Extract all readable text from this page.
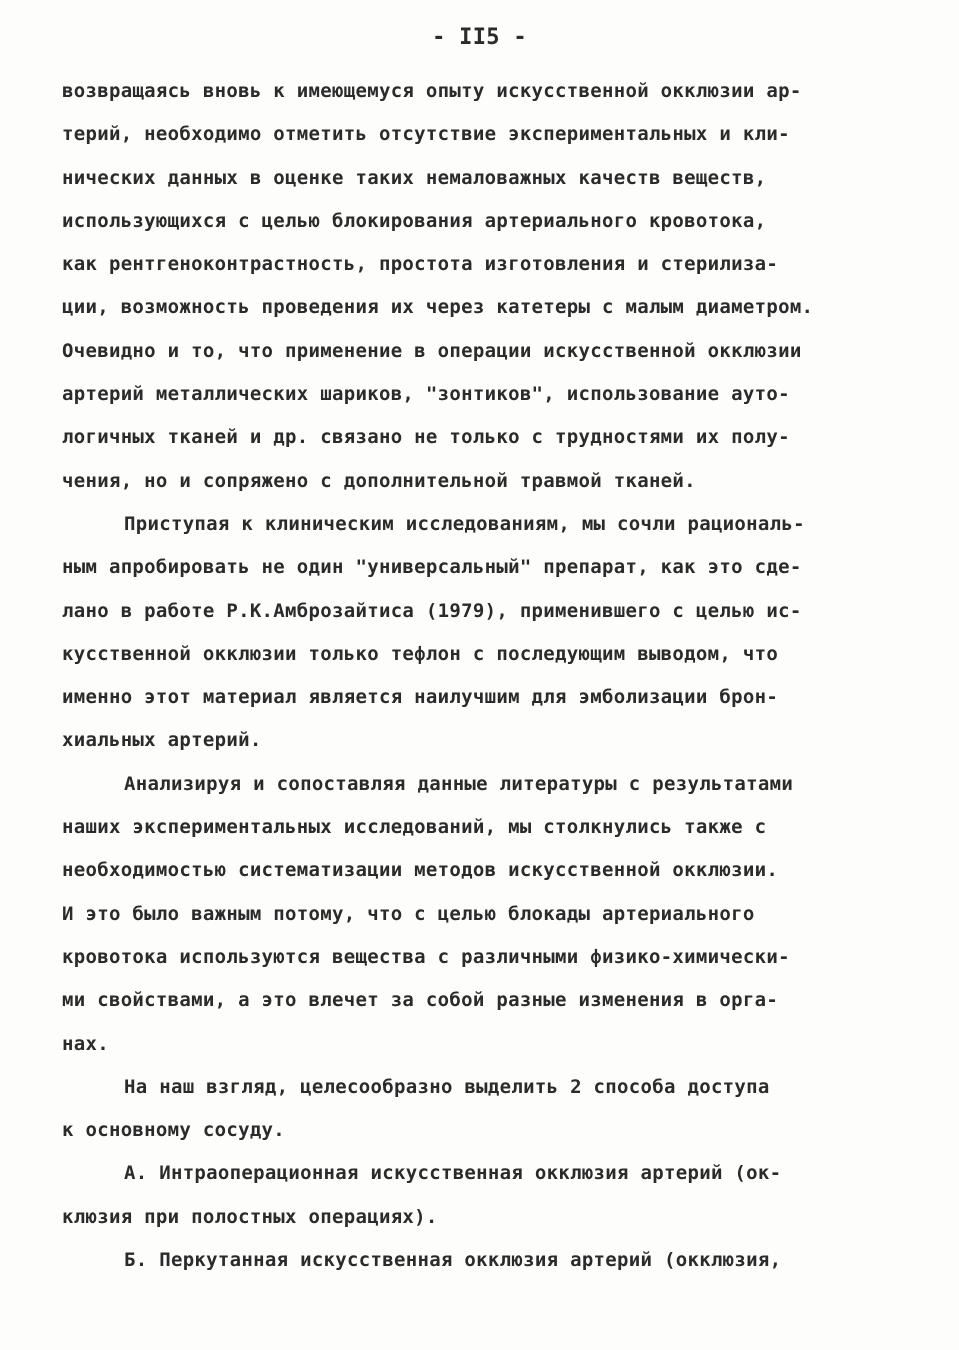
- II5 -
возвращаясь вновь к имеющемуся опыту искусственной окклюзии ар-
терий, необходимо отметить отсутствие экспериментальных и кли-
нических данных в оценке таких немаловажных качеств веществ,
использующихся с целью блокирования артериального кровотока,
как рентгеноконтрастность, простота изготовления и стерилиза-
ции, возможность проведения их через катетеры с малым диаметром.
Очевидно и то, что применение в операции искусственной окклюзии
артерий металлических шариков, "зонтиков", использование ауто-
логичных тканей и др. связано не только с трудностями их полу-
чения, но и сопряжено с дополнительной травмой тканей.
Приступая к клиническим исследованиям, мы сочли рациональ-
ным апробировать не один "универсальный" препарат, как это сде-
лано в работе Р.К.Амброзайтиса (1979), применившего с целью ис-
кусственной окклюзии только тефлон с последующим выводом, что
именно этот материал является наилучшим для эмболизации брон-
хиальных артерий.
Анализируя и сопоставляя данные литературы с результатами
наших экспериментальных исследований, мы столкнулись также с
необходимостью систематизации методов искусственной окклюзии.
И это было важным потому, что с целью блокады артериального
кровотока используются вещества с различными физико-химически-
ми свойствами, а это влечет за собой разные изменения в орга-
нах.
На наш взгляд, целесообразно выделить 2 способа доступа
к основному сосуду.
А. Интраоперационная искусственная окклюзия артерий (ок-
клюзия при полостных операциях).
Б. Перкутанная искусственная окклюзия артерий (окклюзия,
